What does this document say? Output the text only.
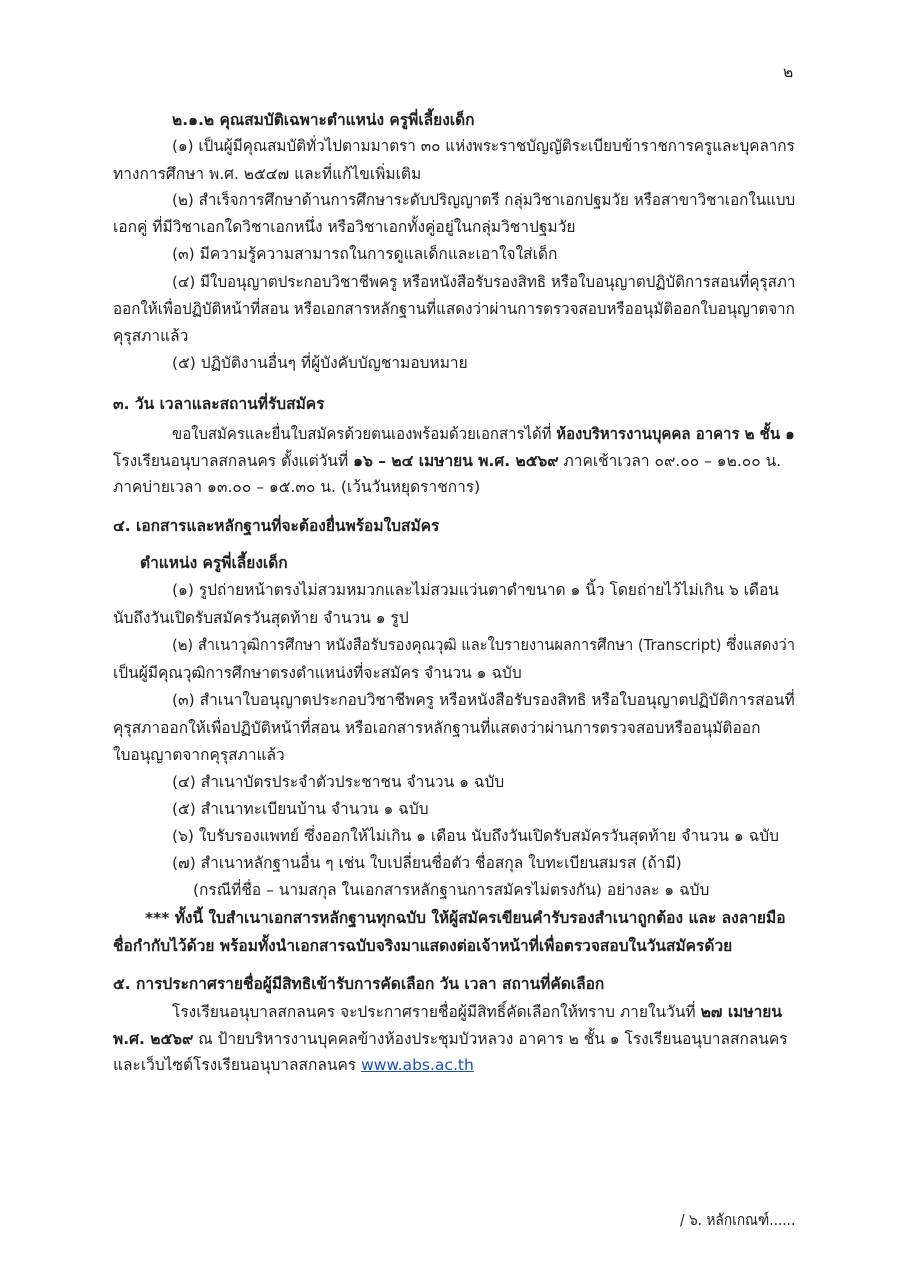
๒
๒.๑.๒ คุณสมบัติเฉพาะตำแหน่ง ครูพี่เลี้ยงเด็ก
(๑) เป็นผู้มีคุณสมบัติทั่วไปตามมาตรา ๓๐ แห่งพระราชบัญญัติระเบียบข้าราชการครูและบุคลากร
ทางการศึกษา พ.ศ. ๒๕๔๗ และที่แก้ไขเพิ่มเติม
(๒) สำเร็จการศึกษาด้านการศึกษาระดับปริญญาตรี กลุ่มวิชาเอกปฐมวัย หรือสาขาวิชาเอกในแบบ
เอกคู่ ที่มีวิชาเอกใดวิชาเอกหนึ่ง หรือวิชาเอกทั้งคู่อยู่ในกลุ่มวิชาปฐมวัย
(๓) มีความรู้ความสามารถในการดูแลเด็กและเอาใจใส่เด็ก
(๔) มีใบอนุญาตประกอบวิชาชีพครู หรือหนังสือรับรองสิทธิ หรือใบอนุญาตปฏิบัติการสอนที่คุรุสภา
ออกให้เพื่อปฏิบัติหน้าที่สอน หรือเอกสารหลักฐานที่แสดงว่าผ่านการตรวจสอบหรืออนุมัติออกใบอนุญาตจาก
คุรุสภาแล้ว
(๕) ปฏิบัติงานอื่นๆ ที่ผู้บังคับบัญชามอบหมาย
๓. วัน เวลาและสถานที่รับสมัคร
ขอใบสมัครและยื่นใบสมัครด้วยตนเองพร้อมด้วยเอกสารได้ที่ ห้องบริหารงานบุคคล อาคาร ๒ ชั้น ๑
โรงเรียนอนุบาลสกลนคร ตั้งแต่วันที่ ๑๖ – ๒๔ เมษายน พ.ศ. ๒๕๖๙ ภาคเช้าเวลา ๐๙.๐๐ – ๑๒.๐๐ น.
ภาคบ่ายเวลา ๑๓.๐๐ – ๑๕.๓๐ น. (เว้นวันหยุดราชการ)
๔. เอกสารและหลักฐานที่จะต้องยื่นพร้อมใบสมัคร
ตำแหน่ง ครูพี่เลี้ยงเด็ก
(๑) รูปถ่ายหน้าตรงไม่สวมหมวกและไม่สวมแว่นตาดำขนาด ๑ นิ้ว โดยถ่ายไว้ไม่เกิน ๖ เดือน
นับถึงวันเปิดรับสมัครวันสุดท้าย จำนวน ๑ รูป
(๒) สำเนาวุฒิการศึกษา หนังสือรับรองคุณวุฒิ และใบรายงานผลการศึกษา (Transcript) ซึ่งแสดงว่า
เป็นผู้มีคุณวุฒิการศึกษาตรงตำแหน่งที่จะสมัคร จำนวน ๑ ฉบับ
(๓) สำเนาใบอนุญาตประกอบวิชาชีพครู หรือหนังสือรับรองสิทธิ หรือใบอนุญาตปฏิบัติการสอนที่
คุรุสภาออกให้เพื่อปฏิบัติหน้าที่สอน หรือเอกสารหลักฐานที่แสดงว่าผ่านการตรวจสอบหรืออนุมัติออก
ใบอนุญาตจากคุรุสภาแล้ว
(๔) สำเนาบัตรประจำตัวประชาชน จำนวน ๑ ฉบับ
(๕) สำเนาทะเบียนบ้าน จำนวน ๑ ฉบับ
(๖) ใบรับรองแพทย์ ซึ่งออกให้ไม่เกิน ๑ เดือน นับถึงวันเปิดรับสมัครวันสุดท้าย จำนวน ๑ ฉบับ
(๗) สำเนาหลักฐานอื่น ๆ เช่น ใบเปลี่ยนชื่อตัว ชื่อสกุล ใบทะเบียนสมรส (ถ้ามี)
(กรณีที่ชื่อ – นามสกุล ในเอกสารหลักฐานการสมัครไม่ตรงกัน) อย่างละ ๑ ฉบับ
*** ทั้งนี้ ใบสำเนาเอกสารหลักฐานทุกฉบับ ให้ผู้สมัครเขียนคำรับรองสำเนาถูกต้อง และ ลงลายมือ
ชื่อกำกับไว้ด้วย พร้อมทั้งนำเอกสารฉบับจริงมาแสดงต่อเจ้าหน้าที่เพื่อตรวจสอบในวันสมัครด้วย
๕. การประกาศรายชื่อผู้มีสิทธิเข้ารับการคัดเลือก วัน เวลา สถานที่คัดเลือก
โรงเรียนอนุบาลสกลนคร จะประกาศรายชื่อผู้มีสิทธิ์คัดเลือกให้ทราบ ภายในวันที่ ๒๗ เมษายน
พ.ศ. ๒๕๖๙ ณ ป้ายบริหารงานบุคคลข้างห้องประชุมบัวหลวง อาคาร ๒ ชั้น ๑ โรงเรียนอนุบาลสกลนคร
และเว็บไซต์โรงเรียนอนุบาลสกลนคร www.abs.ac.th
/ ๖. หลักเกณฑ์......
